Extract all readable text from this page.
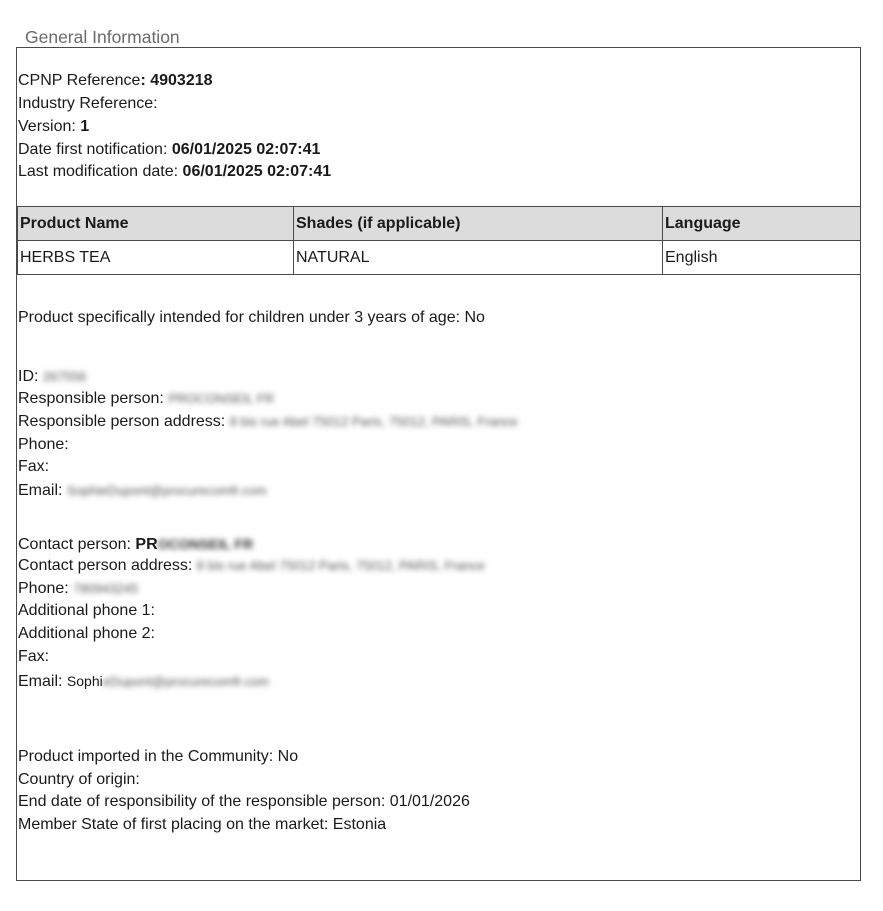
General Information
CPNP Reference: 4903218
Industry Reference:
Version: 1
Date first notification: 06/01/2025 02:07:41
Last modification date: 06/01/2025 02:07:41
Product Name	Shades (if applicable)	Language
HERBS TEA	NATURAL	English
Product specifically intended for children under 3 years of age: No
ID: 267556
Responsible person: PROCONSEIL FR
Responsible person address: 8 bis rue Abel 75012 Paris, 75012, PARIS, France
Phone:
Fax:
Email: SophieDupont@procurecomfr.com
Contact person: PROCONSEIL FR
Contact person address: 8 bis rue Abel 75012 Paris, 75012, PARIS, France
Phone: 780943245
Additional phone 1:
Additional phone 2:
Fax:
Email: SophieDupont@procurecomfr.com
Product imported in the Community: No
Country of origin:
End date of responsibility of the responsible person: 01/01/2026
Member State of first placing on the market: Estonia
